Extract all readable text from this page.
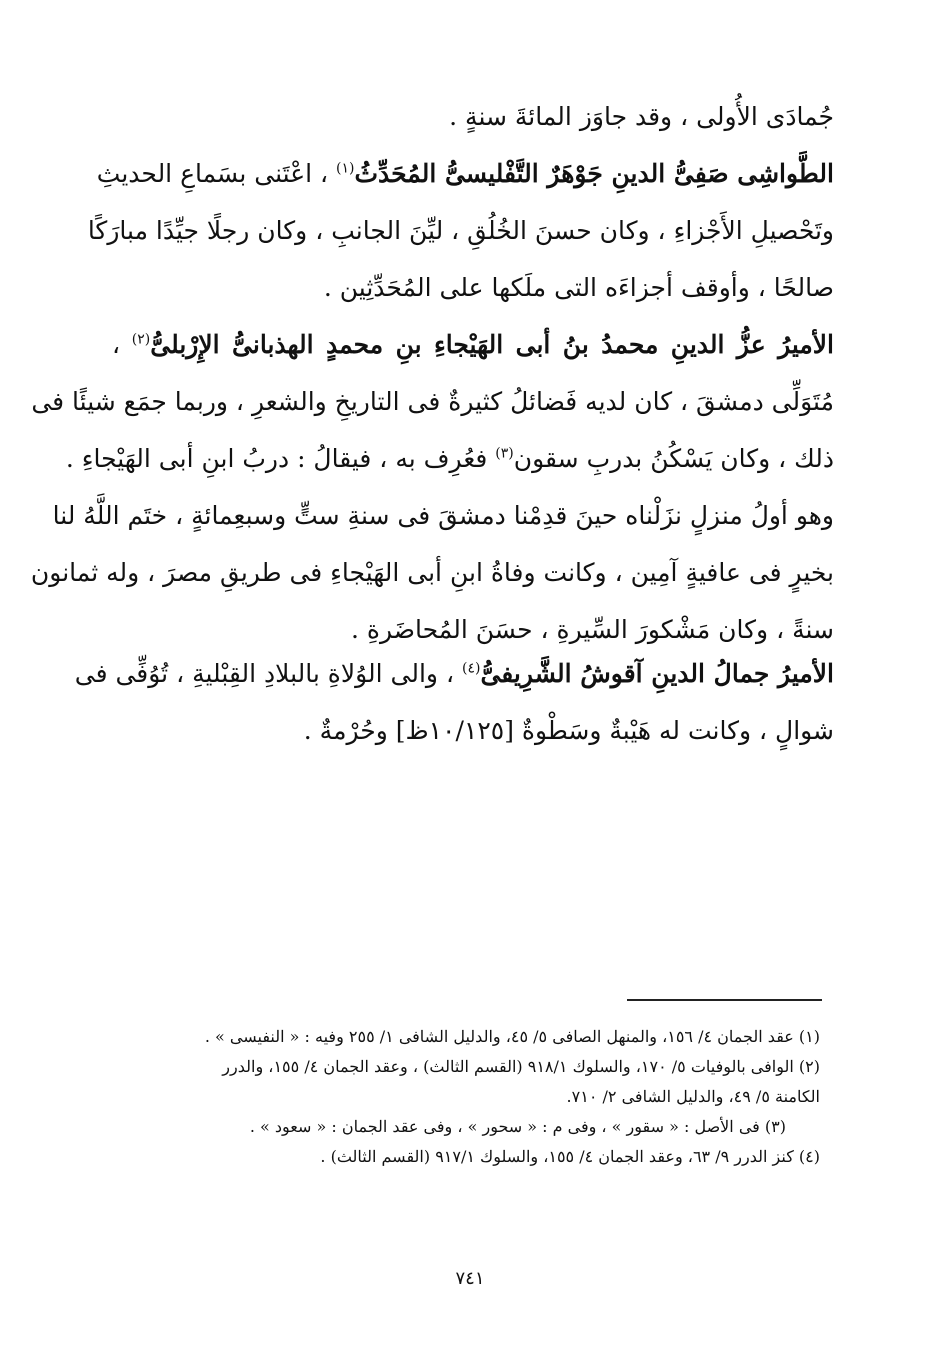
جُمادَى الأُولى ، وقد جاوَز المائةَ سنةٍ .
الطَّواشِى صَفِىُّ الدينِ جَوْهَرٌ التَّفْليسىُّ المُحَدِّثُ$^{(١)}$ ، اعْتَنى بسَماعِ الحديثِ
وتَحْصيلِ الأَجْزاءِ ، وكان حسنَ الخُلُقِ ، ليِّنَ الجانبِ ، وكان رجلًا جيِّدًا مبارَكًا
صالحًا ، وأوقف أجزاءَه التى ملَكها على المُحَدِّثِين .
الأميرُ عزُّ الدينِ محمدُ بنُ أبى الهَيْجاءِ بنِ محمدٍ الهذبانىُّ الإِرْبلىُّ$^{(٢)}$ ،
مُتَوَلِّى دمشقَ ، كان لديه فَضائلُ كثيرةٌ فى التاريخِ والشعرِ ، وربما جمَع شيئًا فى
ذلك ، وكان يَسْكُنُ بدربِ سقون$^{(٣)}$ فعُرِف به ، فيقالُ : دربُ ابنِ أبى الهَيْجاءِ .
وهو أولُ منزلٍ نزَلْناه حينَ قدِمْنا دمشقَ فى سنةِ ستٍّ وسبعِمائةٍ ، ختَم اللَّهُ لنا
بخيرٍ فى عافيةٍ آمِين ، وكانت وفاةُ ابنِ أبى الهَيْجاءِ فى طريقِ مصرَ ، وله ثمانون
سنةً ، وكان مَشْكورَ السِّيرةِ ، حسَنَ المُحاضَرةِ .
الأميرُ جمالُ الدينِ آقوشُ الشَّرِيفىُّ$^{(٤)}$ ، والى الوُلاةِ بالبلادِ القِبْليةِ ، تُوُفِّى فى
شوالٍ ، وكانت له هَيْبةٌ وسَطْوةٌ [١٠/١٢٥ظ] وحُرْمةٌ .
(١) عقد الجمان ٤/ ١٥٦، والمنهل الصافى ٥/ ٤٥، والدليل الشافى ١/ ٢٥٥ وفيه : « النفيسى » .
(٢) الوافى بالوفيات ٥/ ١٧٠، والسلوك ٩١٨/١ (القسم الثالث) ، وعقد الجمان ٤/ ١٥٥، والدرر
الكامنة ٥/ ٤٩، والدليل الشافى ٢/ ٧١٠.
(٣) فى الأصل : « سقور » ، وفى م : « سحور » ، وفى عقد الجمان : « سعود » .
(٤) كنز الدرر ٩/ ٦٣، وعقد الجمان ٤/ ١٥٥، والسلوك ٩١٧/١ (القسم الثالث) .
٧٤١
